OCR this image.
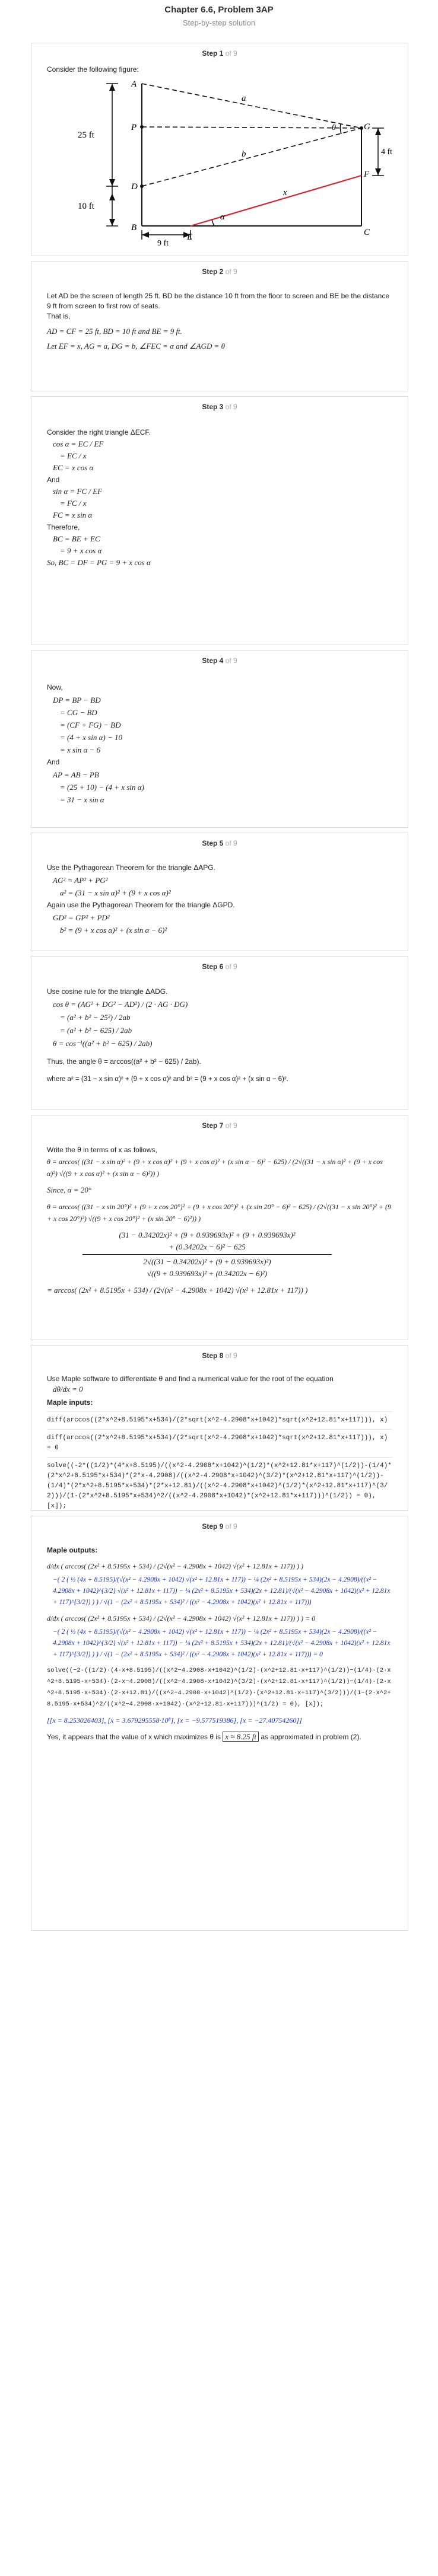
Chapter 6.6, Problem 3AP
Step-by-step solution
Step 1 of 9
Consider the following figure:
A
P
D
B
E	C
F
G
a
b
x
θ
α
25 ft
10 ft
9 ft
4 ft
Step 2 of 9
Let AD be the screen of length 25 ft. BD be the distance 10 ft from the floor to screen and BE be the distance 9 ft from screen to first row of seats.
That is,
AD = CF = 25 ft, BD = 10 ft and BE = 9 ft.
Let EF = x, AG = a, DG = b, ∠FEC = α and ∠AGD = θ
Step 3 of 9
Consider the right triangle ΔECF.
cos α = EC / EF
= EC / x
EC = x cos α
And
sin α = FC / EF
= FC / x
FC = x sin α
Therefore,
BC = BE + EC
= 9 + x cos α
So, BC = DF = PG = 9 + x cos α
Step 4 of 9
Now,
DP = BP − BD
= CG − BD
= (CF + FG) − BD
= (4 + x sin α) − 10
= x sin α − 6
And
AP = AB − PB
= (25 + 10) − (4 + x sin α)
= 31 − x sin α
Step 5 of 9
Use the Pythagorean Theorem for the triangle ΔAPG.
AG² = AP² + PG²
a² = (31 − x sin α)² + (9 + x cos α)²
Again use the Pythagorean Theorem for the triangle ΔGPD.
GD² = GP² + PD²
b² = (9 + x cos α)² + (x sin α − 6)²
Step 6 of 9
Use cosine rule for the triangle ΔADG.
cos θ = (AG² + DG² − AD²) / (2 · AG · DG)
= (a² + b² − 25²) / 2ab
= (a² + b² − 625) / 2ab
θ = cos⁻¹((a² + b² − 625) / 2ab)
Thus, the angle θ = arccos((a² + b² − 625) / 2ab).
where a² = (31 − x sin α)² + (9 + x cos α)² and b² = (9 + x cos α)² + (x sin α − 6)².
Step 7 of 9
Write the θ in terms of x as follows,
θ = arccos( ((31 − x sin α)² + (9 + x cos α)² + (9 + x cos α)² + (x sin α − 6)² − 625) / (2√((31 − x sin α)² + (9 + x cos α)²) √((9 + x cos α)² + (x sin α − 6)²)) )
Since, α = 20°
θ = arccos( ((31 − x sin 20°)² + (9 + x cos 20°)² + (9 + x cos 20°)² + (x sin 20° − 6)² − 625) / (2√((31 − x sin 20°)² + (9 + x cos 20°)²) √((9 + x cos 20°)² + (x sin 20° − 6)²)) )
(31 − 0.34202x)² + (9 + 0.939693x)² + (9 + 0.939693x)²
+ (0.34202x − 6)² − 625
2√((31 − 0.34202x)² + (9 + 0.939693x)²)
√((9 + 0.939693x)² + (0.34202x − 6)²)
= arccos( (2x² + 8.5195x + 534) / (2√(x² − 4.2908x + 1042) √(x² + 12.81x + 117)) )
Step 8 of 9
Use Maple software to differentiate θ and find a numerical value for the root of the equation
dθ/dx = 0
Maple inputs:
diff(arccos((2*x^2+8.5195*x+534)/(2*sqrt(x^2-4.2908*x+1042)*sqrt(x^2+12.81*x+117))), x)
diff(arccos((2*x^2+8.5195*x+534)/(2*sqrt(x^2-4.2908*x+1042)*sqrt(x^2+12.81*x+117))), x) = 0
solve((-2*((1/2)*(4*x+8.5195)/((x^2-4.2908*x+1042)^(1/2)*(x^2+12.81*x+117)^(1/2))-(1/4)*(2*x^2+8.5195*x+534)*(2*x-4.2908)/((x^2-4.2908*x+1042)^(3/2)*(x^2+12.81*x+117)^(1/2))-(1/4)*(2*x^2+8.5195*x+534)*(2*x+12.81)/((x^2-4.2908*x+1042)^(1/2)*(x^2+12.81*x+117)^(3/2)))/(1-(2*x^2+8.5195*x+534)^2/((x^2-4.2908*x+1042)*(x^2+12.81*x+117)))^(1/2)) = 0), [x]);
Step 9 of 9
Maple outputs:
d/dx ( arccos( (2x² + 8.5195x + 534) / (2√(x² − 4.2908x + 1042) √(x² + 12.81x + 117)) ) )
−( 2 ( ½ (4x + 8.5195)/(√(x² − 4.2908x + 1042) √(x² + 12.81x + 117)) − ¼ (2x² + 8.5195x + 534)(2x − 4.2908)/((x² − 4.2908x + 1042)^{3/2} √(x² + 12.81x + 117)) − ¼ (2x² + 8.5195x + 534)(2x + 12.81)/(√(x² − 4.2908x + 1042)(x² + 12.81x + 117)^{3/2}) ) ) / √(1 − (2x² + 8.5195x + 534)² / ((x² − 4.2908x + 1042)(x² + 12.81x + 117)))
d/dx ( arccos( (2x² + 8.5195x + 534) / (2√(x² − 4.2908x + 1042) √(x² + 12.81x + 117)) ) ) = 0
−( 2 ( ½ (4x + 8.5195)/(√(x² − 4.2908x + 1042) √(x² + 12.81x + 117)) − ¼ (2x² + 8.5195x + 534)(2x − 4.2908)/((x² − 4.2908x + 1042)^{3/2} √(x² + 12.81x + 117)) − ¼ (2x² + 8.5195x + 534)(2x + 12.81)/(√(x² − 4.2908x + 1042)(x² + 12.81x + 117)^{3/2}) ) ) / √(1 − (2x² + 8.5195x + 534)² / ((x² − 4.2908x + 1042)(x² + 12.81x + 117))) = 0
solve((−2·((1/2)·(4·x+8.5195)/((x^2−4.2908·x+1042)^(1/2)·(x^2+12.81·x+117)^(1/2))−(1/4)·(2·x^2+8.5195·x+534)·(2·x−4.2908)/((x^2−4.2908·x+1042)^(3/2)·(x^2+12.81·x+117)^(1/2))−(1/4)·(2·x^2+8.5195·x+534)·(2·x+12.81)/((x^2−4.2908·x+1042)^(1/2)·(x^2+12.81·x+117)^(3/2)))/(1−(2·x^2+8.5195·x+534)^2/((x^2−4.2908·x+1042)·(x^2+12.81·x+117)))^(1/2) = 0), [x]);
[[x = 8.253026403], [x = 3.679295558·10⁸], [x = −9.577519386], [x = −27.40754260]]
Yes, it appears that the value of x which maximizes θ is x ≈ 8.25 ft as approximated in problem (2).
